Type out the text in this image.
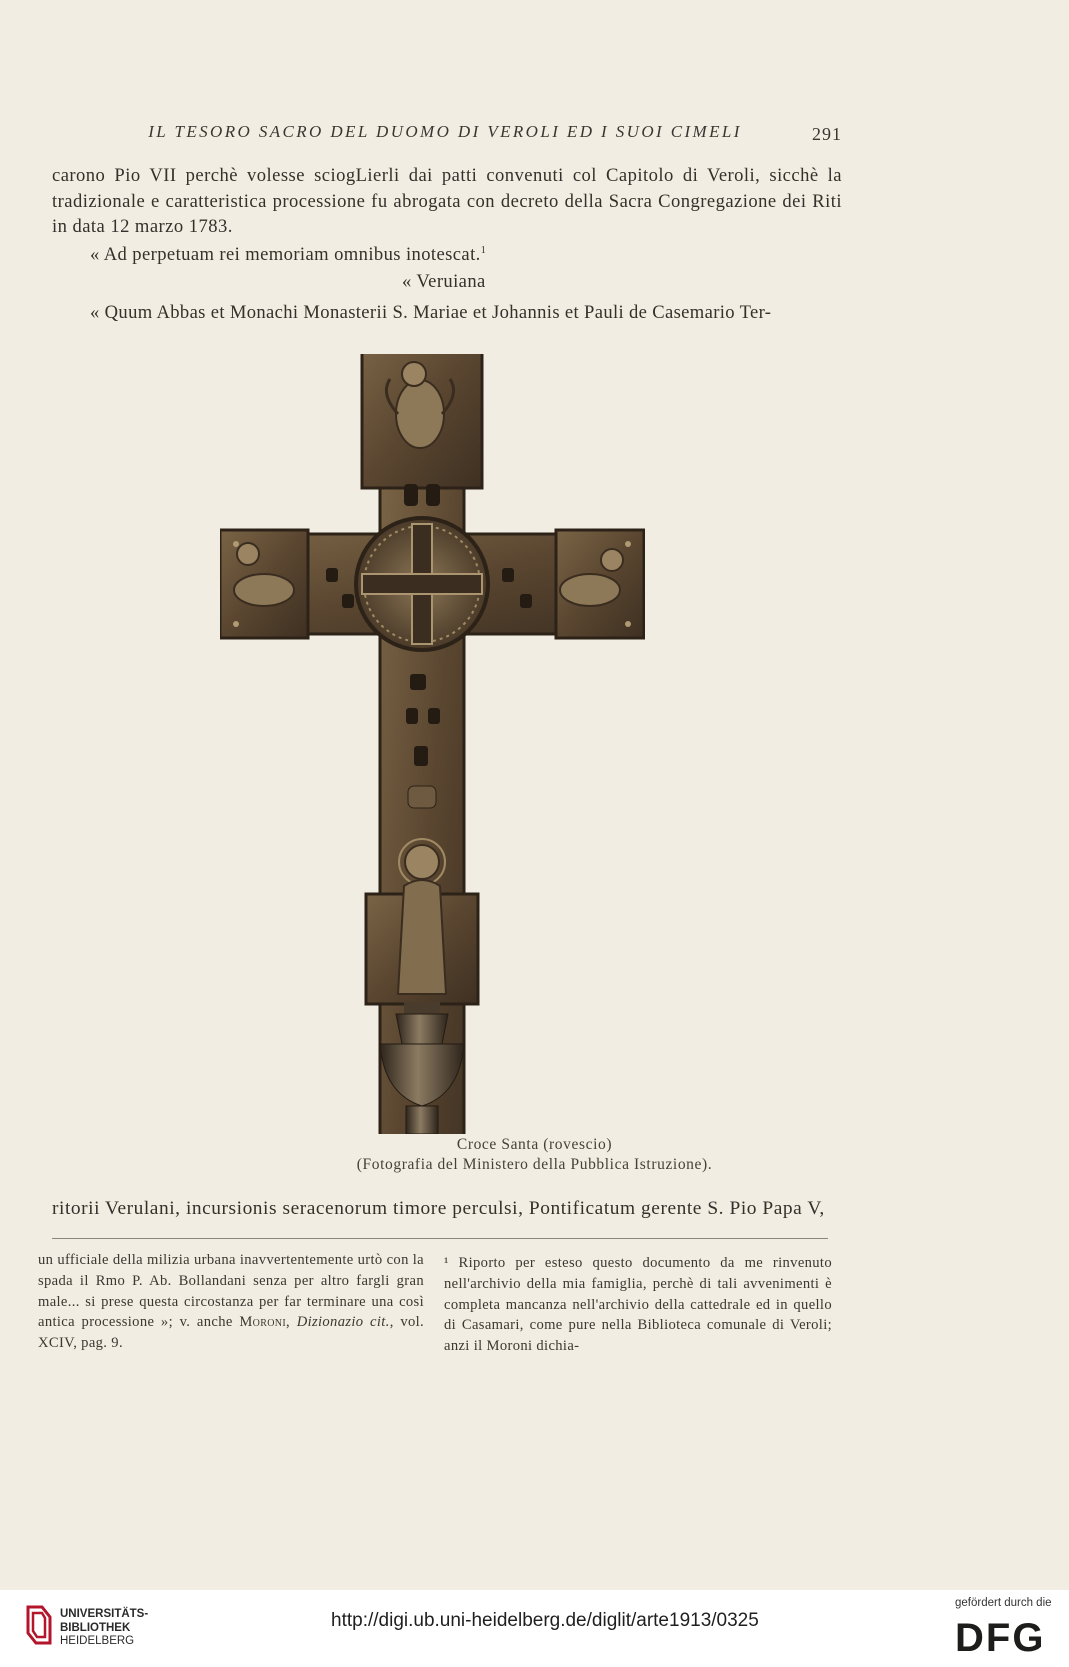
IL TESORO SACRO DEL DUOMO DI VEROLI ED I SUOI CIMELI	291
carono Pio VII perchè volesse sciogLierli dai patti convenuti col Capitolo di Veroli, sicchè la tradizionale e caratteristica processione fu abrogata con decreto della Sacra Congregazione dei Riti in data 12 marzo 1783.
« Ad perpetuam rei memoriam omnibus inotescat.$^1$
« Veruiana
« Quum Abbas et Monachi Monasterii S. Mariae et Johannis et Pauli de Casemario Ter-
Croce Santa (rovescio)
(Fotografia del Ministero della Pubblica Istruzione).
ritorii Verulani, incursionis seracenorum timore perculsi, Pontificatum gerente S. Pio Papa V,
un ufficiale della milizia urbana inavvertentemente urtò con la spada il Rmo P. Ab. Bollandani senza per altro fargli gran male... si prese questa circostanza per far terminare una così antica processione »; v. anche Moroni, Dizionazio cit., vol. XCIV, pag. 9.
¹ Riporto per esteso questo documento da me rinvenuto nell'archivio della mia famiglia, perchè di tali avvenimenti è completa mancanza nell'archivio della cattedrale ed in quello di Casamari, come pure nella Biblioteca comunale di Veroli; anzi il Moroni dichia-
UNIVERSITÄTS-
BIBLIOTHEK
HEIDELBERG
http://digi.ub.uni-heidelberg.de/diglit/arte1913/0325
gefördert durch die
DFG
